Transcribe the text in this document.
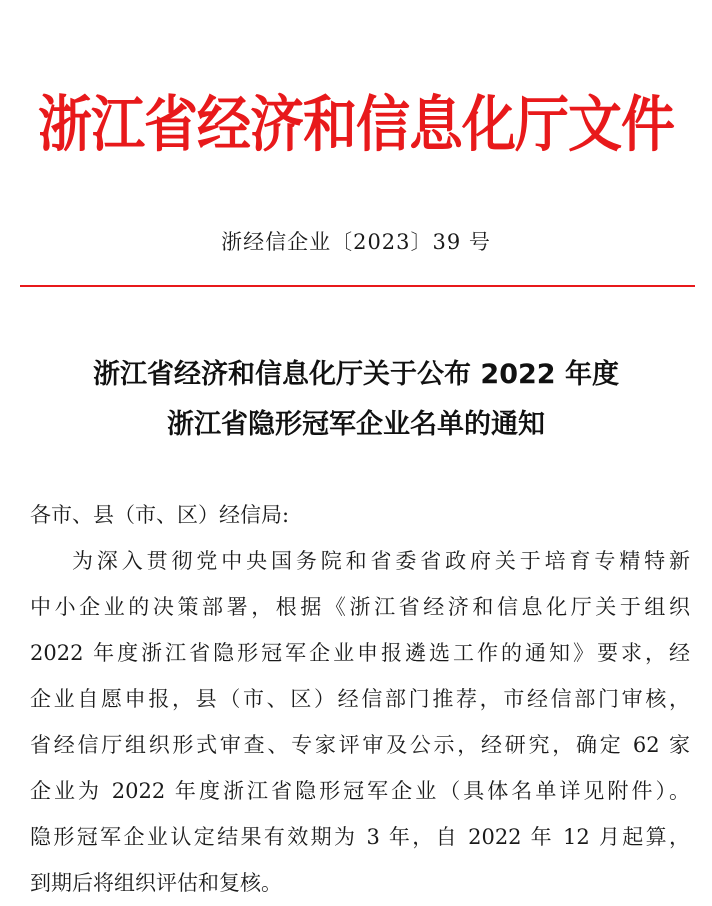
浙江省经济和信息化厅文件
浙经信企业〔2023〕39 号
浙江省经济和信息化厅关于公布 2022 年度
浙江省隐形冠军企业名单的通知

各市、县（市、区）经信局:

为深入贯彻党中央国务院和省委省政府关于培育专精特新

中小企业的决策部署，根据《浙江省经济和信息化厅关于组织

2022 年度浙江省隐形冠军企业申报遴选工作的通知》要求，经

企业自愿申报，县（市、区）经信部门推荐，市经信部门审核，

省经信厅组织形式审查、专家评审及公示，经研究，确定 62 家

企业为 2022 年度浙江省隐形冠军企业（具体名单详见附件）。

隐形冠军企业认定结果有效期为 3 年，自 2022 年 12 月起算，

到期后将组织评估和复核。
